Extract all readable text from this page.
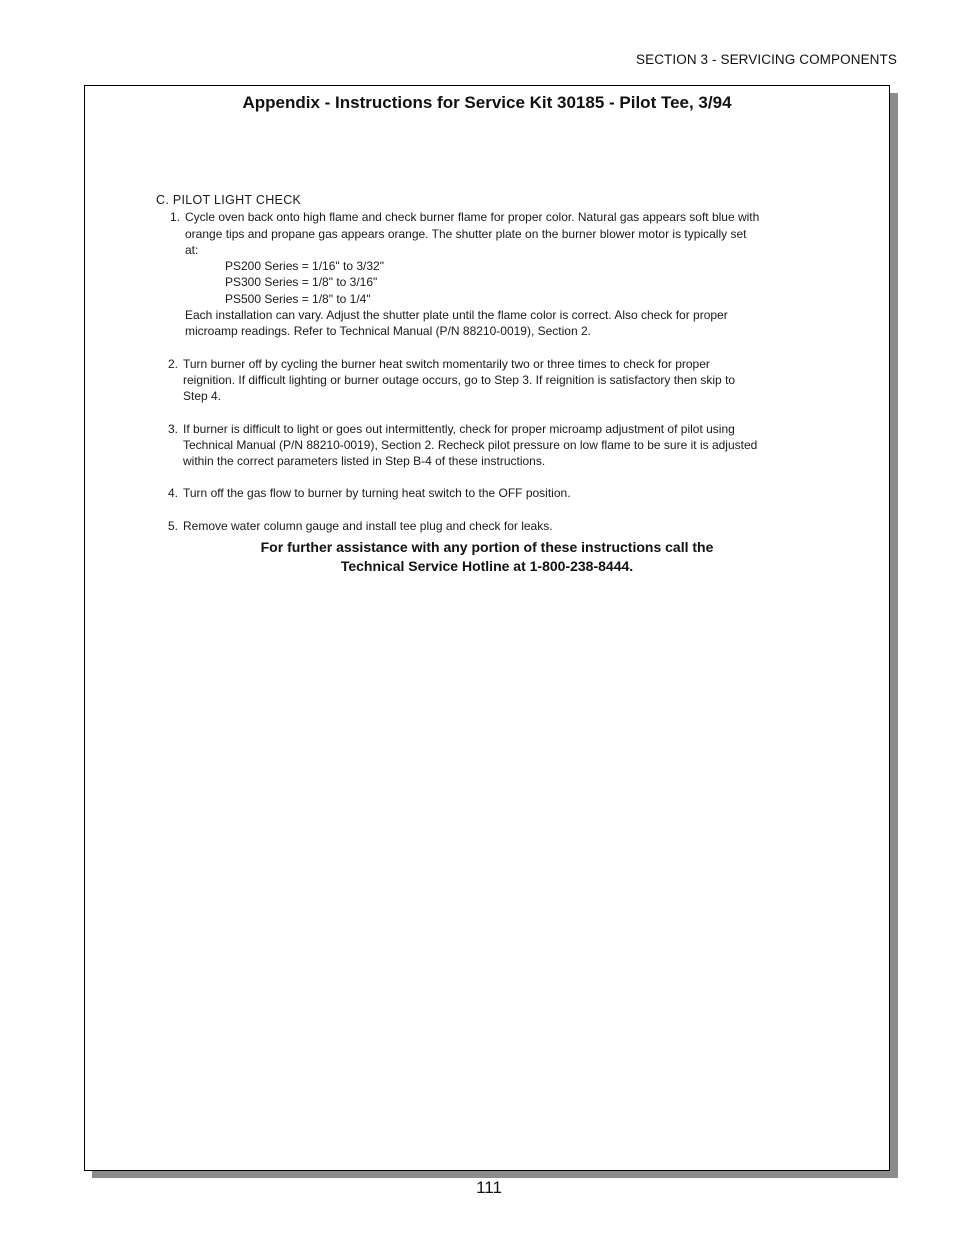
SECTION 3 - SERVICING COMPONENTS
Appendix - Instructions for Service Kit 30185 - Pilot Tee, 3/94
C. PILOT LIGHT CHECK
1. Cycle oven back onto high flame and check burner flame for proper color. Natural gas appears soft blue with
orange tips and propane gas appears orange. The shutter plate on the burner blower motor is typically set
at:
PS200 Series = 1/16" to 3/32"
PS300 Series = 1/8" to 3/16"
PS500 Series = 1/8" to 1/4"
Each installation can vary. Adjust the shutter plate until the flame color is correct. Also check for proper
microamp readings. Refer to Technical Manual (P/N 88210-0019), Section 2.
2. Turn burner off by cycling the burner heat switch momentarily two or three times to check for proper
reignition. If difficult lighting or burner outage occurs, go to Step 3. If reignition is satisfactory then skip to
Step 4.
3. If burner is difficult to light or goes out intermittently, check for proper microamp adjustment of pilot using
Technical Manual (P/N 88210-0019), Section 2. Recheck pilot pressure on low flame to be sure it is adjusted
within the correct parameters listed in Step B-4 of these instructions.
4. Turn off the gas flow to burner by turning heat switch to the OFF position.
5. Remove water column gauge and install tee plug and check for leaks.
For further assistance with any portion of these instructions call the
Technical Service Hotline at 1-800-238-8444.
111
